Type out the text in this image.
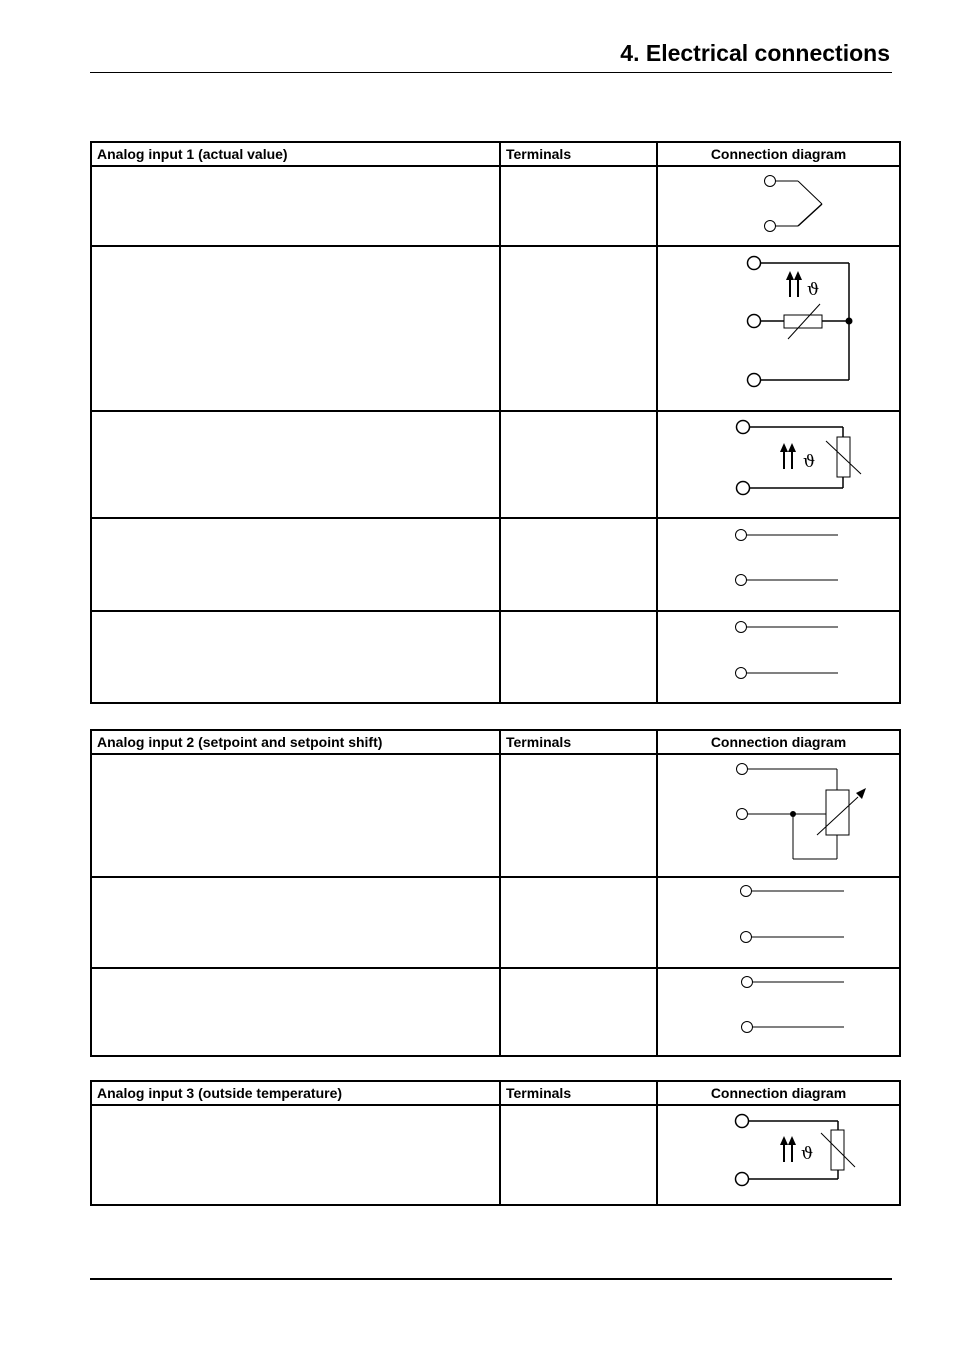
4. Electrical connections
Analog input 1 (actual value)	Terminals	Connection diagram

ϑ

ϑ

Analog input 2 (setpoint and setpoint shift)	Terminals	Connection diagram

Analog input 3 (outside temperature)	Terminals	Connection diagram

ϑ
